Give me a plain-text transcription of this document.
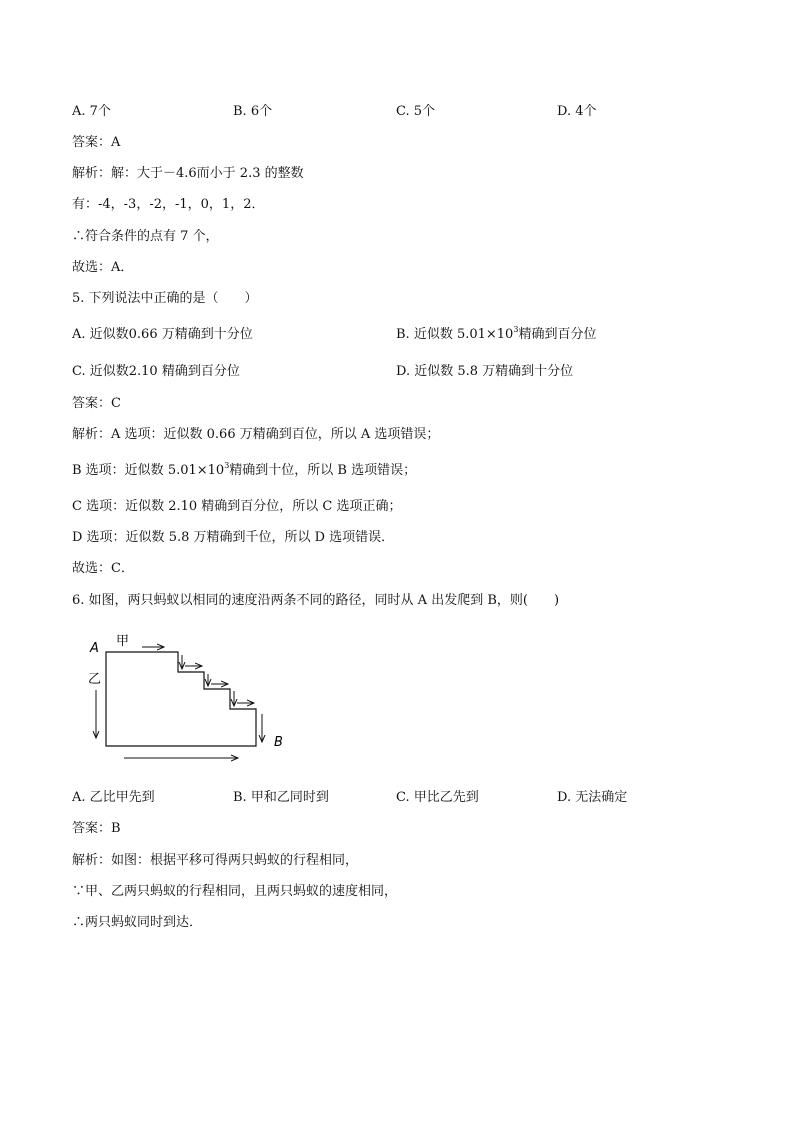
A. 7个	B. 6个	C. 5个	D. 4个
答案：A
解析：解：大于－4.6而小于 2.3 的整数
有：-4，-3，-2，-1，0，1，2．
∴符合条件的点有 7 个，
故选：A．
5. 下列说法中正确的是（　　）
A. 近似数0.66 万精确到十分位	B. 近似数 $5.01\times 10^3$精确到百分位
C. 近似数2.10 精确到百分位	D. 近似数 5.8 万精确到十分位
答案：C
解析：A 选项：近似数 0.66 万精确到百位，所以 A 选项错误；
B 选项：近似数 $5.01\times 10^3$精确到十位，所以 B 选项错误；
C 选项：近似数 2.10 精确到百分位，所以 C 选项正确；
D 选项：近似数 5.8 万精确到千位，所以 D 选项错误．
故选：C．
6. 如图，两只蚂蚁以相同的速度沿两条不同的路径，同时从 A 出发爬到 B，则(　　)
A 甲
乙
B
A. 乙比甲先到	B. 甲和乙同时到	C. 甲比乙先到	D. 无法确定
答案：B
解析：如图：根据平移可得两只蚂蚁的行程相同，
∵甲、乙两只蚂蚁的行程相同，且两只蚂蚁的速度相同，
∴两只蚂蚁同时到达．
